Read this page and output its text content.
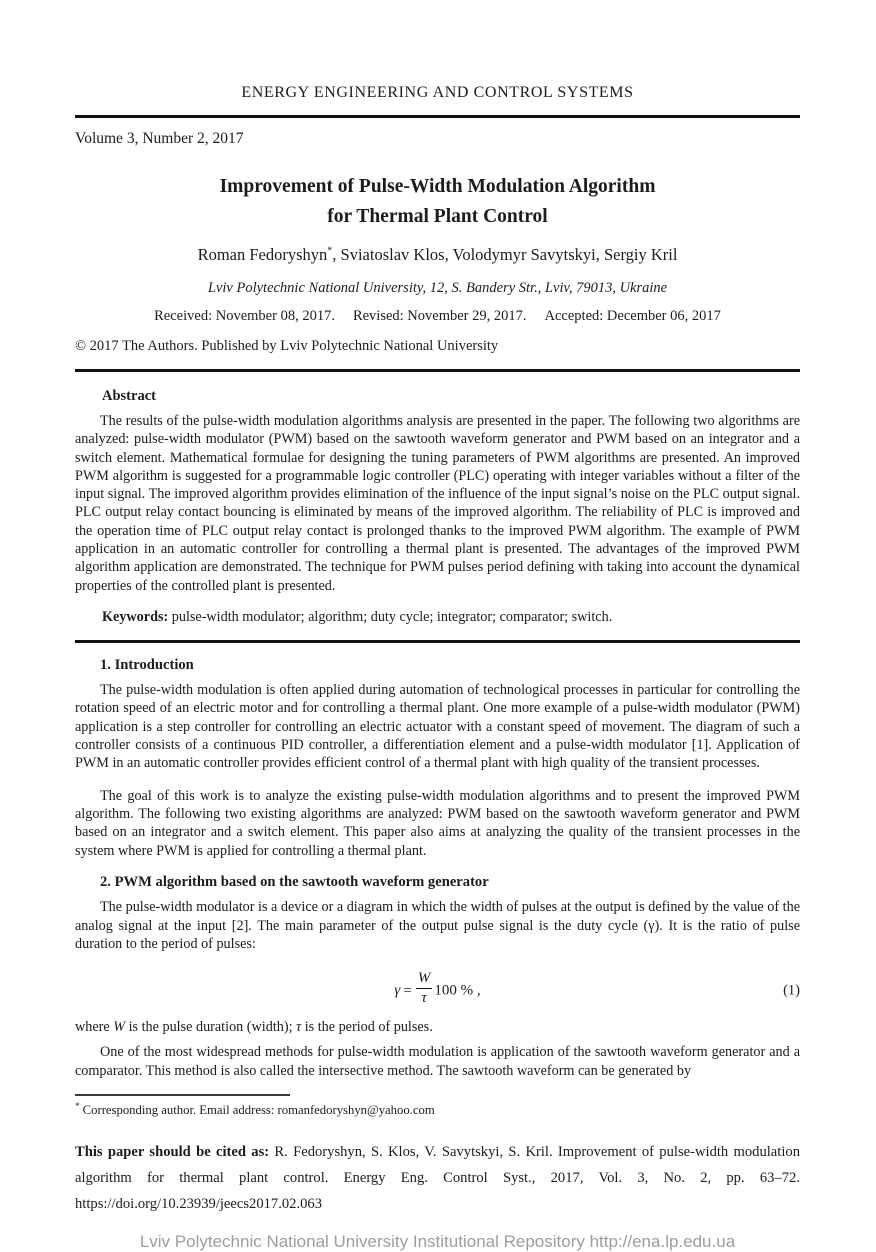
ENERGY ENGINEERING AND CONTROL SYSTEMS
Volume 3, Number 2, 2017
Improvement of Pulse-Width Modulation Algorithm
for Thermal Plant Control
Roman Fedoryshyn*, Sviatoslav Klos, Volodymyr Savytskyi, Sergiy Kril
Lviv Polytechnic National University, 12, S. Bandery Str., Lviv, 79013, Ukraine
Received: November 08, 2017. Revised: November 29, 2017. Accepted: December 06, 2017
© 2017 The Authors. Published by Lviv Polytechnic National University
Abstract

The results of the pulse-width modulation algorithms analysis are presented in the paper. The following two algorithms are analyzed: pulse-width modulator (PWM) based on the sawtooth waveform generator and PWM based on an integrator and a switch element. Mathematical formulae for designing the tuning parameters of PWM algorithms are presented. An improved PWM algorithm is suggested for a programmable logic controller (PLC) operating with integer variables without a filter of the input signal. The improved algorithm provides elimination of the influence of the input signal’s noise on the PLC output signal. PLC output relay contact bouncing is eliminated by means of the improved algorithm. The reliability of PLC is improved and the operation time of PLC output relay contact is prolonged thanks to the improved PWM algorithm. The example of PWM application in an automatic controller for controlling a thermal plant is presented. The advantages of the improved PWM algorithm application are demonstrated. The technique for PWM pulses period defining with taking into account the dynamical properties of the controlled plant is presented.

Keywords: pulse-width modulator; algorithm; duty cycle; integrator; comparator; switch.
1. Introduction

The pulse-width modulation is often applied during automation of technological processes in particular for controlling the rotation speed of an electric motor and for controlling a thermal plant. One more example of a pulse-width modulator (PWM) application is a step controller for controlling an electric actuator with a constant speed of movement. The diagram of such a controller consists of a continuous PID controller, a differentiation element and a pulse-width modulator [1]. Application of PWM in an automatic controller provides efficient control of a thermal plant with high quality of the transient processes.

The goal of this work is to analyze the existing pulse-width modulation algorithms and to present the improved PWM algorithm. The following two existing algorithms are analyzed: PWM based on the sawtooth waveform generator and PWM based on an integrator and a switch element. This paper also aims at analyzing the quality of the transient processes in the system where PWM is applied for controlling a thermal plant.

2. PWM algorithm based on the sawtooth waveform generator

The pulse-width modulator is a device or a diagram in which the width of pulses at the output is defined by the value of the analog signal at the input [2]. The main parameter of the output pulse signal is the duty cycle (γ). It is the ratio of pulse duration to the period of pulses:

$\gamma = \frac{W}{\tau} 100$ % ,	(1)
where W is the pulse duration (width); τ is the period of pulses.

One of the most widespread methods for pulse-width modulation is application of the sawtooth waveform generator and a comparator. This method is also called the intersective method. The sawtooth waveform can be generated by

* Corresponding author. Email address: romanfedoryshyn@yahoo.com

This paper should be cited as: R. Fedoryshyn, S. Klos, V. Savytskyi, S. Kril. Improvement of pulse-width modulation algorithm for thermal plant control. Energy Eng. Control Syst., 2017, Vol. 3, No. 2, pp. 63–72. https://doi.org/10.23939/jeecs2017.02.063

Lviv Polytechnic National University Institutional Repository http://ena.lp.edu.ua
